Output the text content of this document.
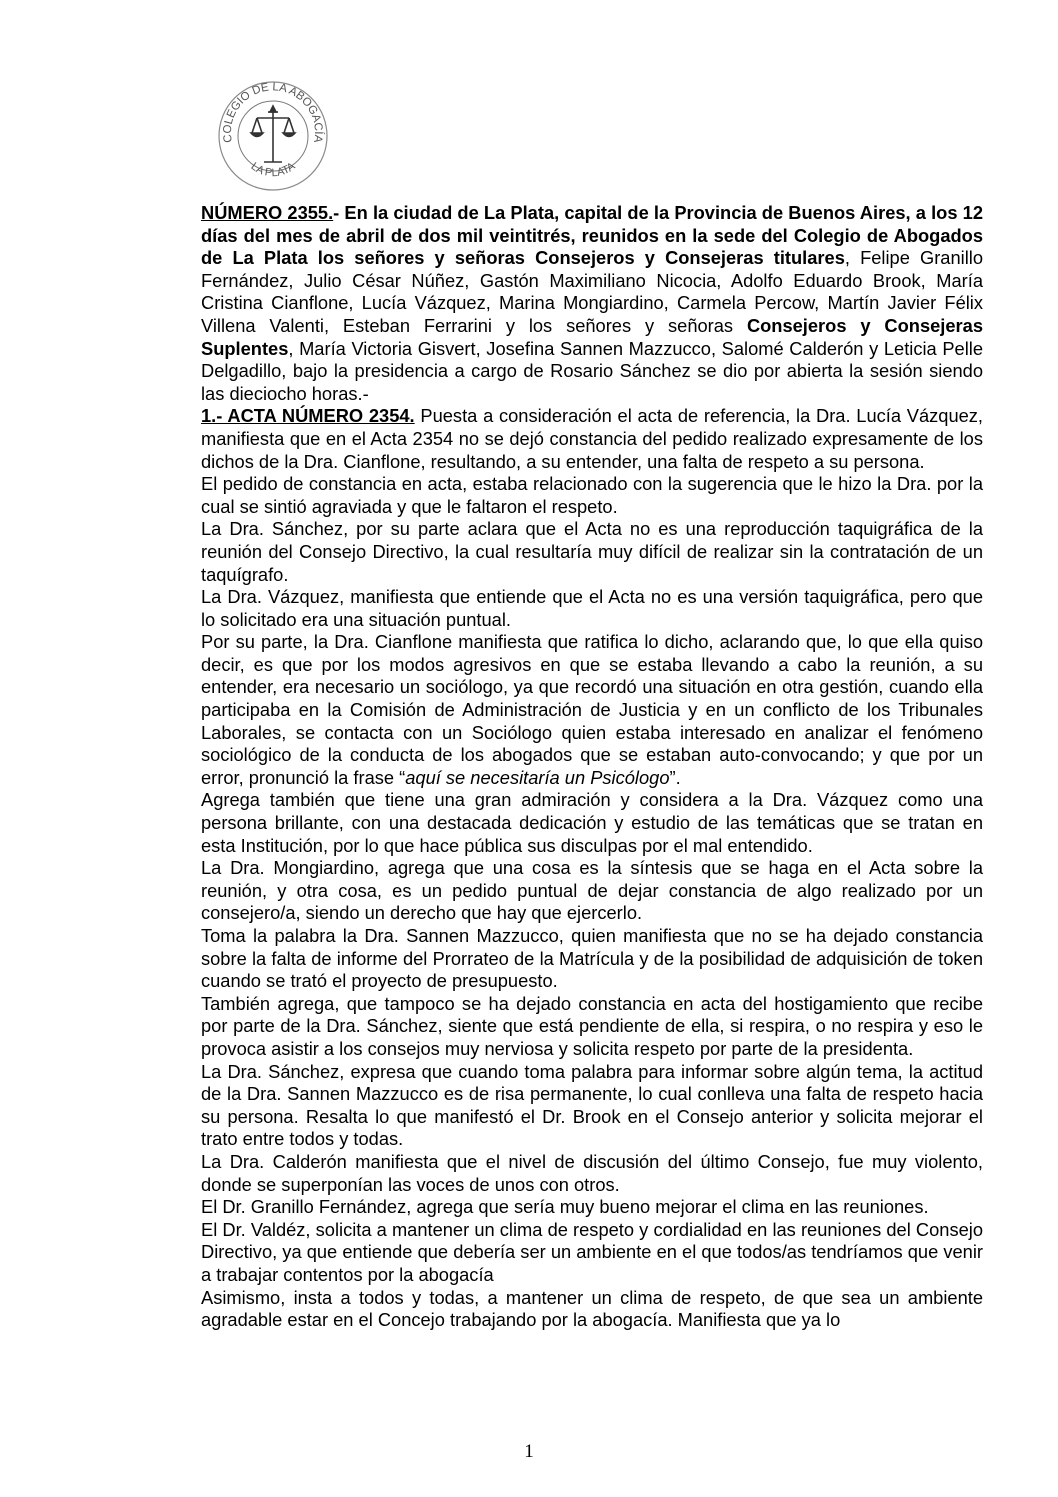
COLEGIO DE LA ABOGACÍA
LA PLATA

NÚMERO 2355.- En la ciudad de La Plata, capital de la Provincia de Buenos Aires, a los 12 días del mes de abril de dos mil veintitrés, reunidos en la sede del Colegio de Abogados de La Plata los señores y señoras Consejeros y Consejeras titulares, Felipe Granillo Fernández, Julio César Núñez, Gastón Maximiliano Nicocia, Adolfo Eduardo Brook, María Cristina Cianflone, Lucía Vázquez, Marina Mongiardino, Carmela Percow, Martín Javier Félix Villena Valenti, Esteban Ferrarini y los señores y señoras Consejeros y Consejeras Suplentes, María Victoria Gisvert, Josefina Sannen Mazzucco, Salomé Calderón y Leticia Pelle Delgadillo, bajo la presidencia a cargo de Rosario Sánchez se dio por abierta la sesión siendo las dieciocho horas.-

1.- ACTA NÚMERO 2354. Puesta a consideración el acta de referencia, la Dra. Lucía Vázquez, manifiesta que en el Acta 2354 no se dejó constancia del pedido realizado expresamente de los dichos de la Dra. Cianflone, resultando, a su entender, una falta de respeto a su persona.

El pedido de constancia en acta, estaba relacionado con la sugerencia que le hizo la Dra. por la cual se sintió agraviada y que le faltaron el respeto.

La Dra. Sánchez, por su parte aclara que el Acta no es una reproducción taquigráfica de la reunión del Consejo Directivo, la cual resultaría muy difícil de realizar sin la contratación de un taquígrafo.

La Dra. Vázquez, manifiesta que entiende que el Acta no es una versión taquigráfica, pero que lo solicitado era una situación puntual.

Por su parte, la Dra. Cianflone manifiesta que ratifica lo dicho, aclarando que, lo que ella quiso decir, es que por los modos agresivos en que se estaba llevando a cabo la reunión, a su entender, era necesario un sociólogo, ya que recordó una situación en otra gestión, cuando ella participaba en la Comisión de Administración de Justicia y en un conflicto de los Tribunales Laborales, se contacta con un Sociólogo quien estaba interesado en analizar el fenómeno sociológico de la conducta de los abogados que se estaban auto-convocando; y que por un error, pronunció la frase “aquí se necesitaría un Psicólogo”.

Agrega también que tiene una gran admiración y considera a la Dra. Vázquez como una persona brillante, con una destacada dedicación y estudio de las temáticas que se tratan en esta Institución, por lo que hace pública sus disculpas por el mal entendido.

La Dra. Mongiardino, agrega que una cosa es la síntesis que se haga en el Acta sobre la reunión, y otra cosa, es un pedido puntual de dejar constancia de algo realizado por un consejero/a, siendo un derecho que hay que ejercerlo.

Toma la palabra la Dra. Sannen Mazzucco, quien manifiesta que no se ha dejado constancia sobre la falta de informe del Prorrateo de la Matrícula y de la posibilidad de adquisición de token cuando se trató el proyecto de presupuesto.

También agrega, que tampoco se ha dejado constancia en acta del hostigamiento que recibe por parte de la Dra. Sánchez, siente que está pendiente de ella, si respira, o no respira y eso le provoca asistir a los consejos muy nerviosa y solicita respeto por parte de la presidenta.

La Dra. Sánchez, expresa que cuando toma palabra para informar sobre algún tema, la actitud de la Dra. Sannen Mazzucco es de risa permanente, lo cual conlleva una falta de respeto hacia su persona. Resalta lo que manifestó el Dr. Brook en el Consejo anterior y solicita mejorar el trato entre todos y todas.

La Dra. Calderón manifiesta que el nivel de discusión del último Consejo, fue muy violento, donde se superponían las voces de unos con otros.

El Dr. Granillo Fernández, agrega que sería muy bueno mejorar el clima en las reuniones.

El Dr. Valdéz, solicita a mantener un clima de respeto y cordialidad en las reuniones del Consejo Directivo, ya que entiende que debería ser un ambiente en el que todos/as tendríamos que venir a trabajar contentos por la abogacía

Asimismo, insta a todos y todas, a mantener un clima de respeto, de que sea un ambiente agradable estar en el Concejo trabajando por la abogacía. Manifiesta que ya lo

1
